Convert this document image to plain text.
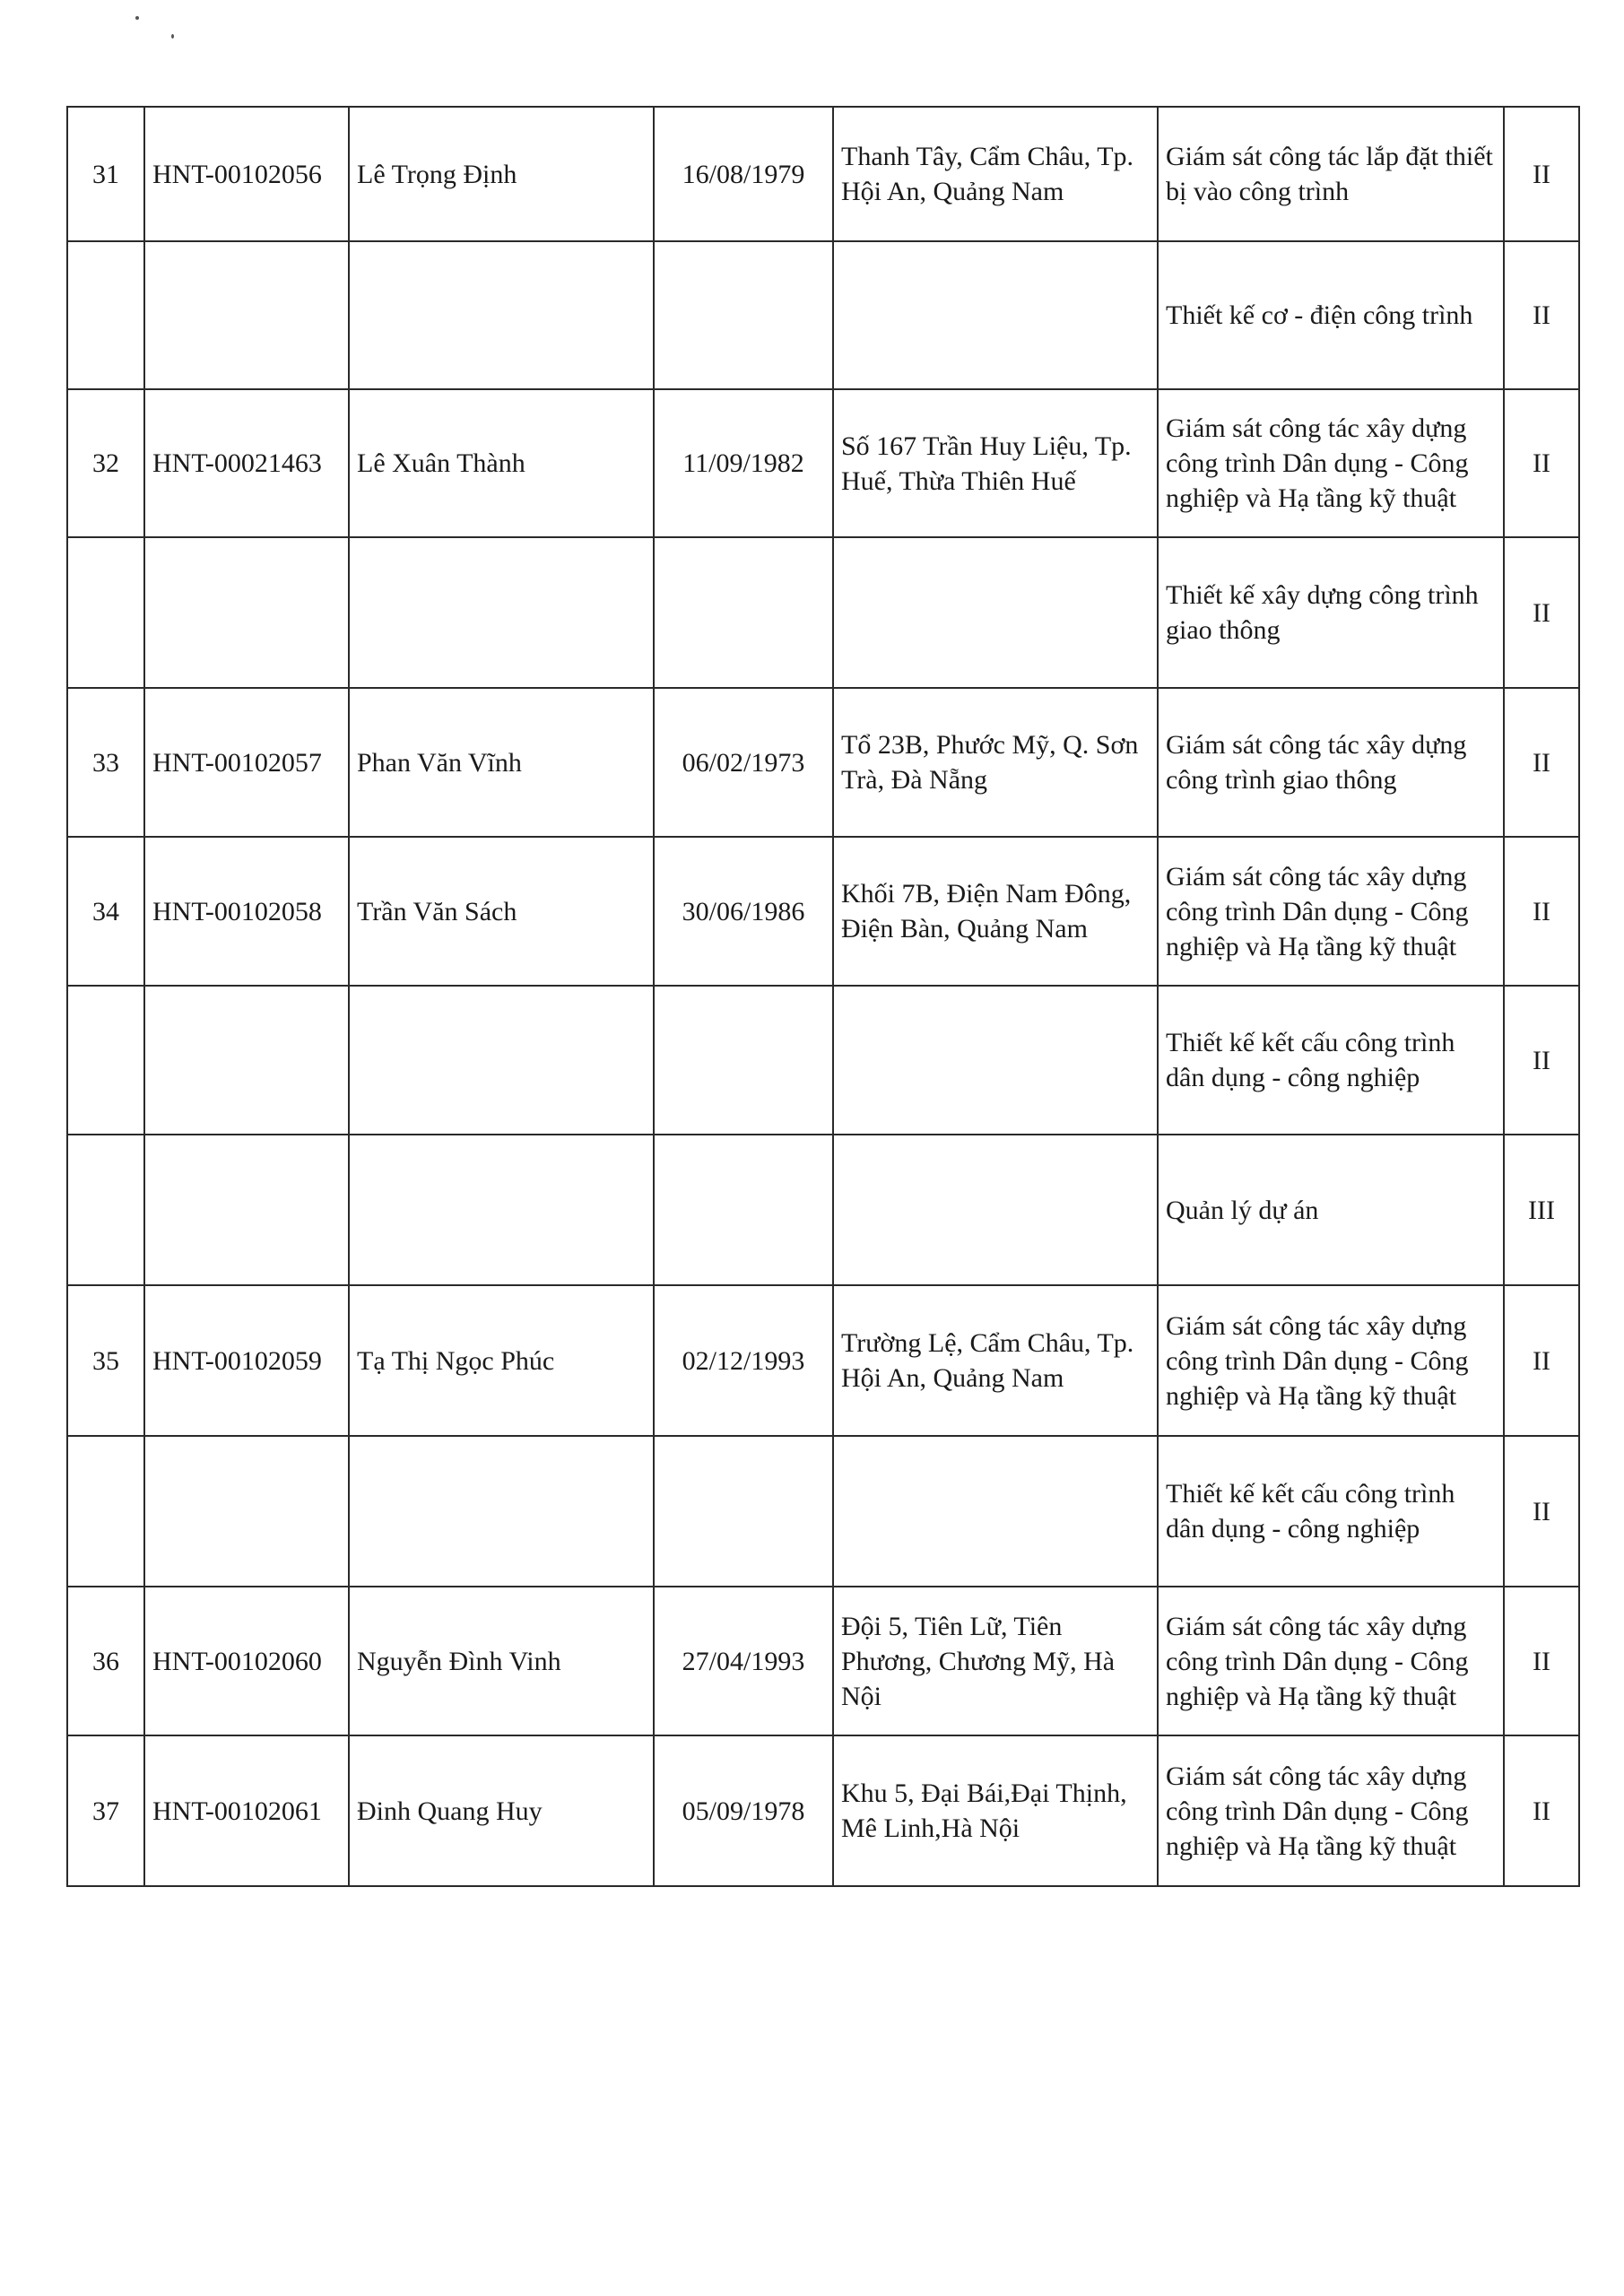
31	HNT-00102056	Lê Trọng Định	16/08/1979	Thanh Tây, Cẩm Châu, Tp. Hội An, Quảng Nam	Giám sát công tác lắp đặt thiết bị vào công trình	II
					Thiết kế cơ - điện công trình	II
32	HNT-00021463	Lê Xuân Thành	11/09/1982	Số 167 Trần Huy Liệu, Tp. Huế, Thừa Thiên Huế	Giám sát công tác xây dựng công trình Dân dụng - Công nghiệp và Hạ tầng kỹ thuật	II
					Thiết kế xây dựng công trình giao thông	II
33	HNT-00102057	Phan Văn Vĩnh	06/02/1973	Tổ 23B, Phước Mỹ, Q. Sơn Trà, Đà Nẵng	Giám sát công tác xây dựng công trình giao thông	II
34	HNT-00102058	Trần Văn Sách	30/06/1986	Khối 7B, Điện Nam Đông, Điện Bàn, Quảng Nam	Giám sát công tác xây dựng công trình Dân dụng - Công nghiệp và Hạ tầng kỹ thuật	II
					Thiết kế kết cấu công trình dân dụng - công nghiệp	II
					Quản lý dự án	III
35	HNT-00102059	Tạ Thị Ngọc Phúc	02/12/1993	Trường Lệ, Cẩm Châu, Tp. Hội An, Quảng Nam	Giám sát công tác xây dựng công trình Dân dụng - Công nghiệp và Hạ tầng kỹ thuật	II
					Thiết kế kết cấu công trình dân dụng - công nghiệp	II
36	HNT-00102060	Nguyễn Đình Vinh	27/04/1993	Đội 5, Tiên Lữ, Tiên Phương, Chương Mỹ, Hà Nội	Giám sát công tác xây dựng công trình Dân dụng - Công nghiệp và Hạ tầng kỹ thuật	II
37	HNT-00102061	Đinh Quang Huy	05/09/1978	Khu 5, Đại Bái,Đại Thịnh, Mê Linh,Hà Nội	Giám sát công tác xây dựng công trình Dân dụng - Công nghiệp và Hạ tầng kỹ thuật	II
